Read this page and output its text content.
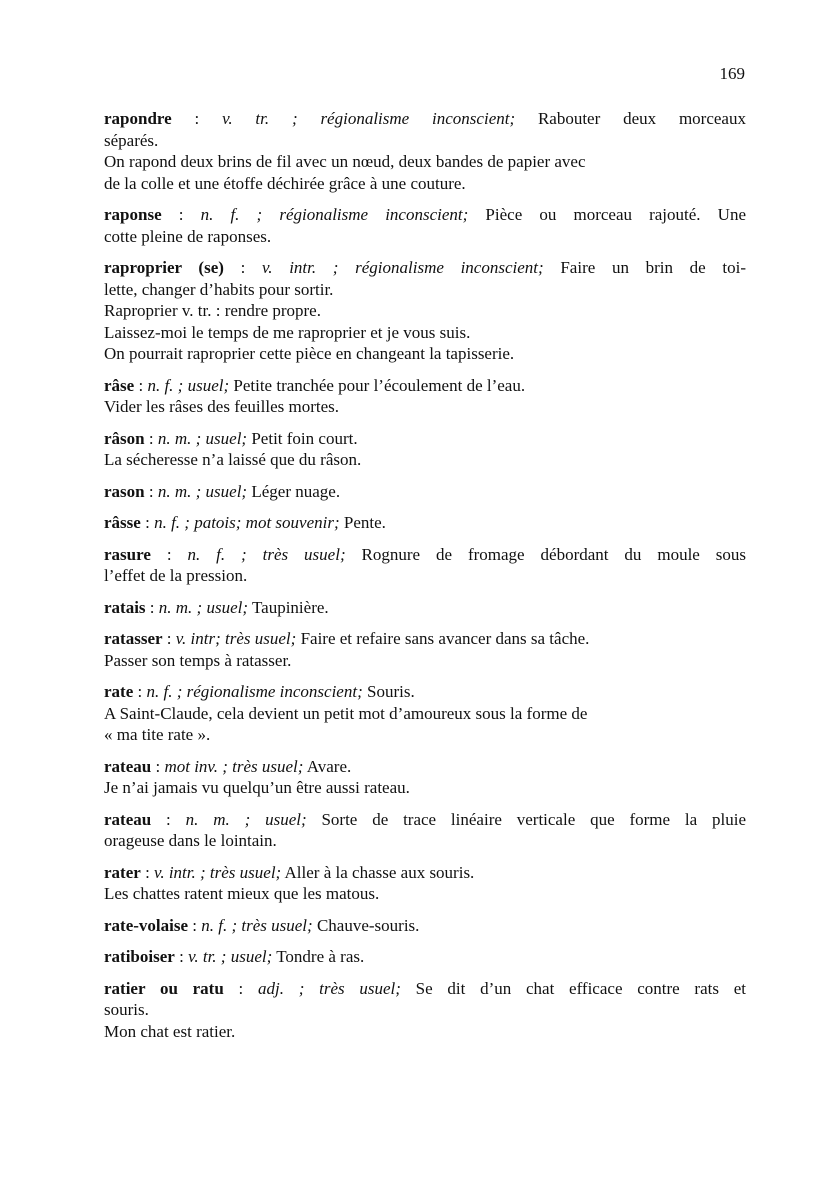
169
rapondre : v. tr. ; régionalisme inconscient; Rabouter deux morceaux
séparés.
On rapond deux brins de fil avec un nœud, deux bandes de papier avec
de la colle et une étoffe déchirée grâce à une couture.
raponse : n. f. ; régionalisme inconscient; Pièce ou morceau rajouté. Une
cotte pleine de raponses.
raproprier (se) : v. intr. ; régionalisme inconscient; Faire un brin de toi-
lette, changer d’habits pour sortir.
Raproprier v. tr. : rendre propre.
Laissez-moi le temps de me raproprier et je vous suis.
On pourrait raproprier cette pièce en changeant la tapisserie.
râse : n. f. ; usuel; Petite tranchée pour l’écoulement de l’eau.
Vider les râses des feuilles mortes.
râson : n. m. ; usuel; Petit foin court.
La sécheresse n’a laissé que du râson.
rason : n. m. ; usuel; Léger nuage.
râsse : n. f. ; patois; mot souvenir; Pente.
rasure : n. f. ; très usuel; Rognure de fromage débordant du moule sous
l’effet de la pression.
ratais : n. m. ; usuel; Taupinière.
ratasser : v. intr; très usuel; Faire et refaire sans avancer dans sa tâche.
Passer son temps à ratasser.
rate : n. f. ; régionalisme inconscient; Souris.
A Saint-Claude, cela devient un petit mot d’amoureux sous la forme de
« ma tite rate ».
rateau : mot inv. ; très usuel; Avare.
Je n’ai jamais vu quelqu’un être aussi rateau.
rateau : n. m. ; usuel; Sorte de trace linéaire verticale que forme la pluie
orageuse dans le lointain.
rater : v. intr. ; très usuel; Aller à la chasse aux souris.
Les chattes ratent mieux que les matous.
rate-volaise : n. f. ; très usuel; Chauve-souris.
ratiboiser : v. tr. ; usuel; Tondre à ras.
ratier ou ratu : adj. ; très usuel; Se dit d’un chat efficace contre rats et
souris.
Mon chat est ratier.
